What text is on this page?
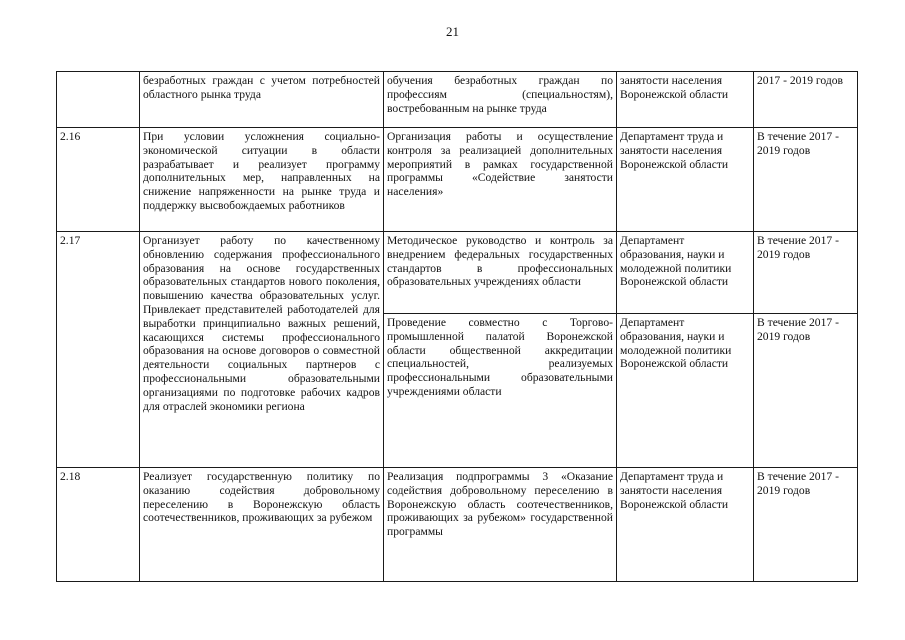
21
	безработных граждан с учетом потребностей областного рынка труда	обучения безработных граждан по профессиям (специальностям), востребованным на рынке труда	занятости населения Воронежской области	2017 - 2019 годов
2.16	При условии усложнения социально-экономической ситуации в области разрабатывает и реализует программу дополнительных мер, направленных на снижение напряженности на рынке труда и поддержку высвобождаемых работников	Организация работы и осуществление контроля за реализацией дополнительных мероприятий в рамках государственной программы «Содействие занятости населения»	Департамент труда и занятости населения Воронежской области	В течение 2017 - 2019 годов
2.17	Организует работу по качественному обновлению содержания профессионального образования на основе государственных образовательных стандартов нового поколения, повышению качества образовательных услуг. Привлекает представителей работодателей для выработки принципиально важных решений, касающихся системы профессионального образования на основе договоров о совместной деятельности социальных партнеров с профессиональными образовательными организациями по подготовке рабочих кадров для отраслей экономики региона	Методическое руководство и контроль за внедрением федеральных государственных стандартов в профессиональных образовательных учреждениях области	Департамент образования, науки и молодежной политики Воронежской области	В течение 2017 - 2019 годов
		Проведение совместно с Торгово-промышленной палатой Воронежской области общественной аккредитации специальностей, реализуемых профессиональными образовательными учреждениями области	Департамент образования, науки и молодежной политики Воронежской области	В течение 2017 - 2019 годов
2.18	Реализует государственную политику по оказанию содействия добровольному переселению в Воронежскую область соотечественников, проживающих за рубежом	Реализация подпрограммы 3 «Оказание содействия добровольному переселению в Воронежскую область соотечественников, проживающих за рубежом» государственной программы	Департамент труда и занятости населения Воронежской области	В течение 2017 - 2019 годов
